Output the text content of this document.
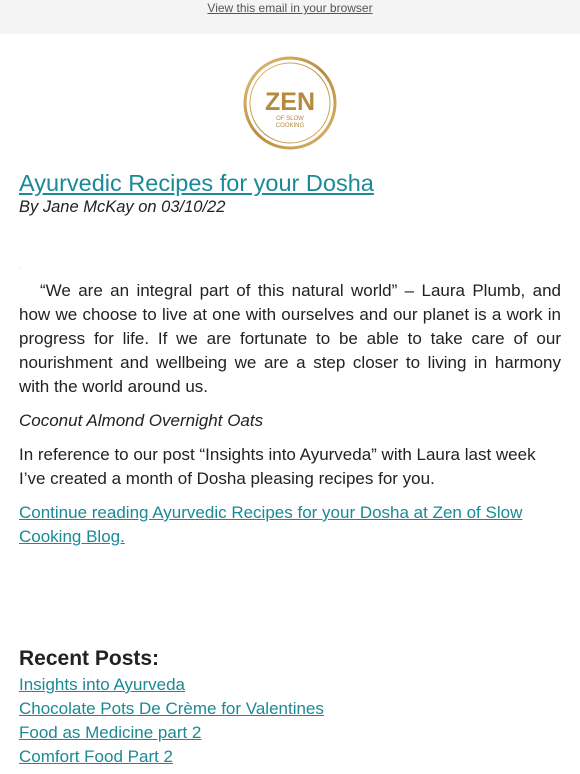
View this email in your browser
ZEN
OF SLOW
COOKING
Ayurvedic Recipes for your Dosha
By Jane McKay on 03/10/22
.

“We are an integral part of this natural world” – Laura Plumb, and how we choose to live at one with ourselves and our planet is a work in progress for life. If we are fortunate to be able to take care of our nourishment and wellbeing we are a step closer to living in harmony with the world around us.

Coconut Almond Overnight Oats

In reference to our post “Insights into Ayurveda” with Laura last week I’ve created a month of Dosha pleasing recipes for you.

Continue reading Ayurvedic Recipes for your Dosha at Zen of Slow Cooking Blog.
Recent Posts:
Insights into Ayurveda
Chocolate Pots De Crème for Valentines
Food as Medicine part 2
Comfort Food Part 2
